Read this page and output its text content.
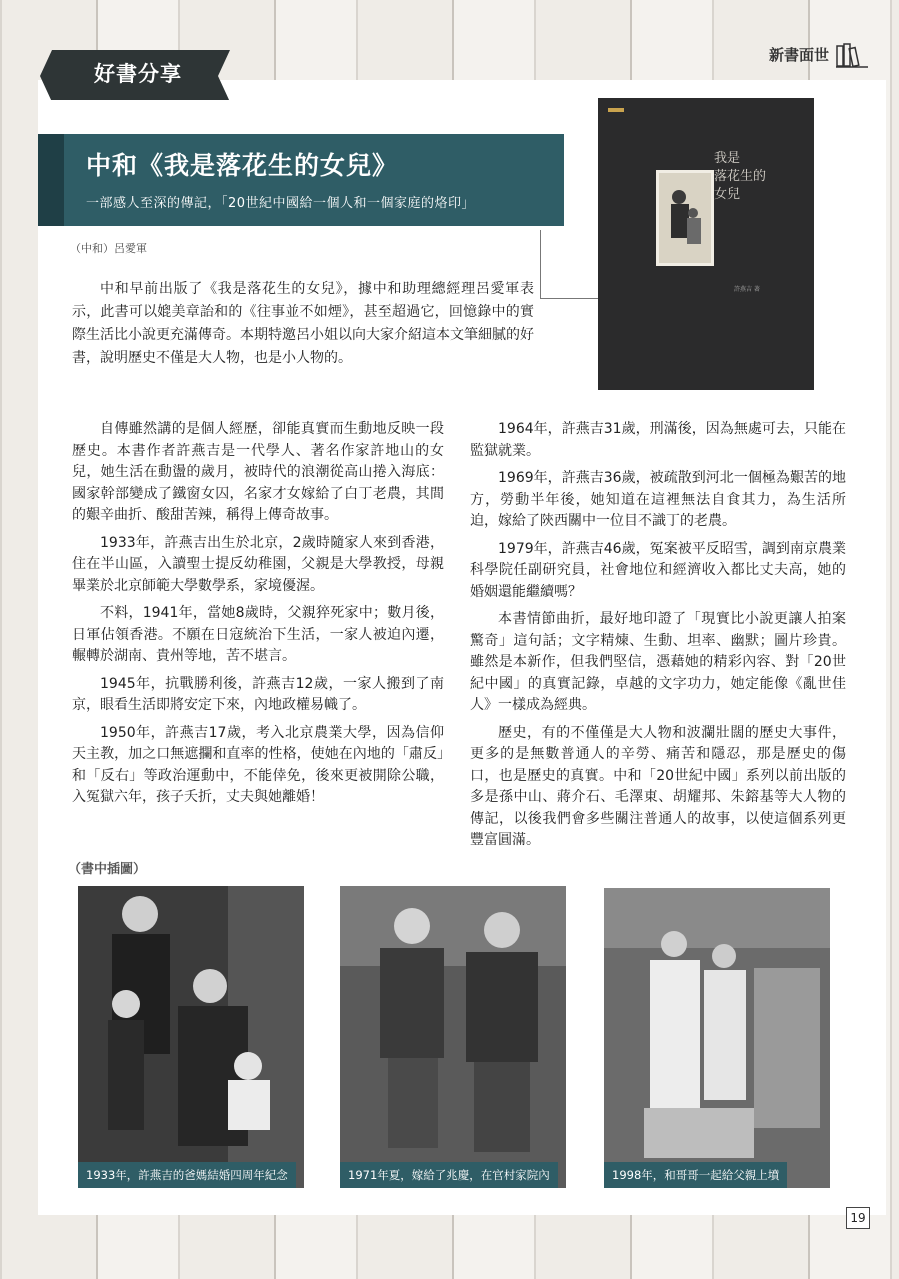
新書面世
好書分享
中和《我是落花生的女兒》
一部感人至深的傳記，「20世紀中國給一個人和一個家庭的烙印」
（中和）呂愛軍
中和早前出版了《我是落花生的女兒》，據中和助理總經理呂愛軍表示，此書可以媲美章詒和的《往事並不如煙》，甚至超過它，回憶錄中的實際生活比小說更充滿傳奇。本期特邀呂小姐以向大家介紹這本文筆細膩的好書，說明歷史不僅是大人物，也是小人物的。
我是
落花生的
女兒
許燕吉 著

自傳雖然講的是個人經歷，卻能真實而生動地反映一段歷史。本書作者許燕吉是一代學人、著名作家許地山的女兒，她生活在動盪的歲月，被時代的浪潮從高山捲入海底：國家幹部變成了鐵窗女囚，名家才女嫁給了白丁老農，其間的艱辛曲折、酸甜苦辣，稱得上傳奇故事。

1933年，許燕吉出生於北京，2歲時隨家人來到香港，住在半山區，入讀聖士提反幼稚園，父親是大學教授，母親畢業於北京師範大學數學系，家境優渥。

不料，1941年，當她8歲時，父親猝死家中；數月後，日軍佔領香港。不願在日寇統治下生活，一家人被迫內遷，輾轉於湖南、貴州等地，苦不堪言。

1945年，抗戰勝利後，許燕吉12歲，一家人搬到了南京，眼看生活即將安定下來，內地政權易幟了。

1950年，許燕吉17歲，考入北京農業大學，因為信仰天主教，加之口無遮攔和直率的性格，使她在內地的「肅反」和「反右」等政治運動中，不能倖免，後來更被開除公職，入冤獄六年，孩子夭折，丈夫與她離婚！

1964年，許燕吉31歲，刑滿後，因為無處可去，只能在監獄就業。

1969年，許燕吉36歲，被疏散到河北一個極為艱苦的地方，勞動半年後，她知道在這裡無法自食其力，為生活所迫，嫁給了陝西關中一位目不識丁的老農。

1979年，許燕吉46歲，冤案被平反昭雪，調到南京農業科學院任副研究員，社會地位和經濟收入都比丈夫高，她的婚姻還能繼續嗎？

本書情節曲折，最好地印證了「現實比小說更讓人拍案驚奇」這句話；文字精煉、生動、坦率、幽默；圖片珍貴。雖然是本新作，但我們堅信，憑藉她的精彩內容、對「20世紀中國」的真實記錄，卓越的文字功力，她定能像《亂世佳人》一樣成為經典。

歷史，有的不僅僅是大人物和波瀾壯闊的歷史大事件，更多的是無數普通人的辛勞、痛苦和隱忍，那是歷史的傷口，也是歷史的真實。中和「20世紀中國」系列以前出版的多是孫中山、蔣介石、毛澤東、胡耀邦、朱鎔基等大人物的傳記，以後我們會多些關注普通人的故事，以使這個系列更豐富圓滿。

（書中插圖）
1933年，許燕吉的爸媽結婚四周年紀念	1971年夏，嫁給了兆慶，在官村家院內	1998年，和哥哥一起給父親上墳
19
